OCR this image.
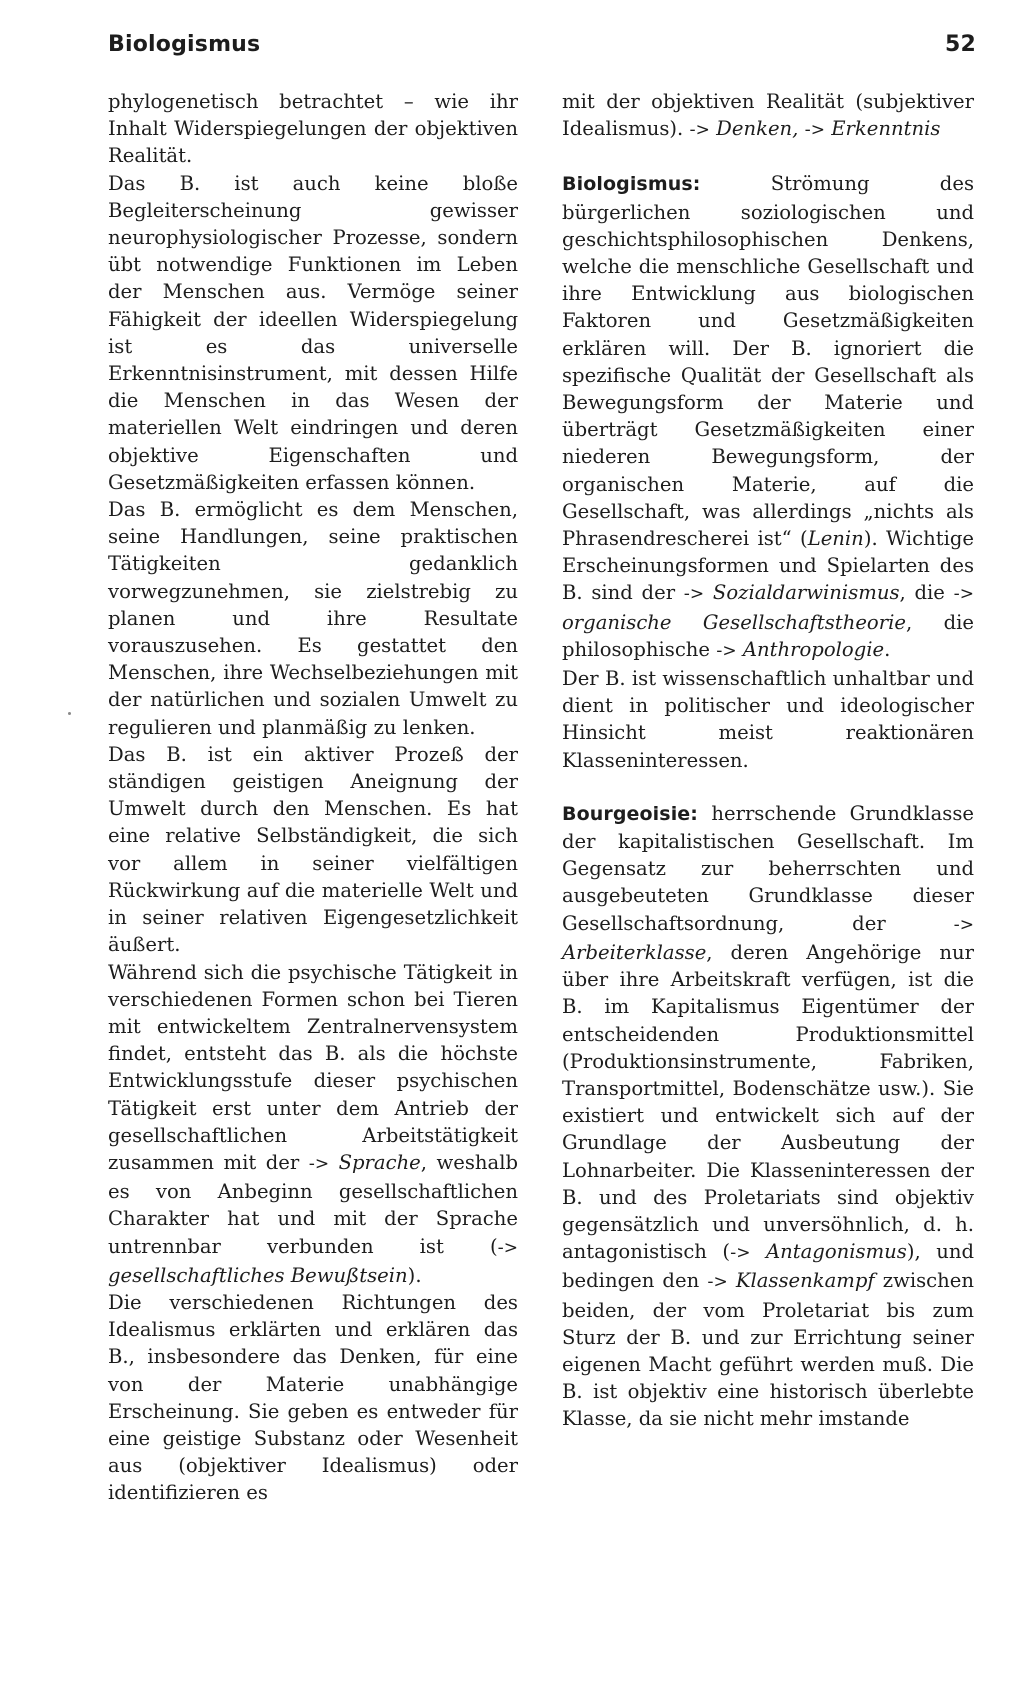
Biologismus	52

phylogenetisch betrachtet – wie ihr Inhalt Widerspiegelungen der objektiven Realität.

Das B. ist auch keine bloße Begleiterscheinung gewisser neurophysiologischer Prozesse, sondern übt notwendige Funktionen im Leben der Menschen aus. Vermöge seiner Fähigkeit der ideellen Widerspiegelung ist es das universelle Erkenntnisinstrument, mit dessen Hilfe die Menschen in das Wesen der materiellen Welt eindringen und deren objektive Eigenschaften und Gesetzmäßigkeiten erfassen können.

Das B. ermöglicht es dem Menschen, seine Handlungen, seine praktischen Tätigkeiten gedanklich vorwegzunehmen, sie zielstrebig zu planen und ihre Resultate vorauszusehen. Es gestattet den Menschen, ihre Wechselbeziehungen mit der natürlichen und sozialen Umwelt zu regulieren und planmäßig zu lenken.

Das B. ist ein aktiver Prozeß der ständigen geistigen Aneignung der Umwelt durch den Menschen. Es hat eine relative Selbständigkeit, die sich vor allem in seiner vielfältigen Rückwirkung auf die materielle Welt und in seiner relativen Eigengesetzlichkeit äußert.

Während sich die psychische Tätigkeit in verschiedenen Formen schon bei Tieren mit entwickeltem Zentralnervensystem findet, entsteht das B. als die höchste Entwicklungsstufe dieser psychischen Tätigkeit erst unter dem Antrieb der gesellschaftlichen Arbeitstätigkeit zusammen mit der -> Sprache, weshalb es von Anbeginn gesellschaftlichen Charakter hat und mit der Sprache untrennbar verbunden ist (-> gesellschaftliches Bewußtsein).

Die verschiedenen Richtungen des Idealismus erklärten und erklären das B., insbesondere das Denken, für eine von der Materie unabhängige Erscheinung. Sie geben es entweder für eine geistige Substanz oder Wesenheit aus (objektiver Idealismus) oder identifizieren es

mit der objektiven Realität (subjektiver Idealismus). -> Denken, -> Erkenntnis

Biologismus:	Strömung des bürgerlichen soziologischen und geschichtsphilosophischen Denkens, welche die menschliche Gesellschaft und ihre Entwicklung aus biologischen Faktoren und Gesetzmäßigkeiten erklären will. Der B. ignoriert die spezifische Qualität der Gesellschaft als Bewegungsform der Materie und überträgt Gesetzmäßigkeiten einer niederen Bewegungsform, der organischen Materie, auf die Gesellschaft, was allerdings „nichts als Phrasendrescherei ist“ (Lenin). Wichtige Erscheinungsformen und Spielarten des B. sind der -> Sozialdarwinismus, die -> organische Gesellschaftstheorie, die philosophische -> Anthropologie.

Der B. ist wissenschaftlich unhaltbar und dient in politischer und ideologischer Hinsicht meist reaktionären Klasseninteressen.

Bourgeoisie: herrschende Grundklasse der kapitalistischen Gesellschaft. Im Gegensatz zur beherrschten und ausgebeuteten Grundklasse dieser Gesellschaftsordnung, der	-> Arbeiterklasse, deren Angehörige nur über ihre Arbeitskraft verfügen, ist die B. im Kapitalismus Eigentümer der entscheidenden Produktionsmittel (Produktionsinstrumente, Fabriken, Transportmittel, Bodenschätze usw.). Sie existiert und entwickelt sich auf der Grundlage der Ausbeutung der Lohnarbeiter. Die Klasseninteressen der B. und des Proletariats sind objektiv gegensätzlich und unversöhnlich, d. h. antagonistisch (-> Antagonismus), und bedingen den -> Klassenkampf zwischen beiden, der vom Proletariat bis zum Sturz der B. und zur Errichtung seiner eigenen Macht geführt werden muß. Die B. ist objektiv eine historisch überlebte Klasse, da sie nicht mehr imstande
